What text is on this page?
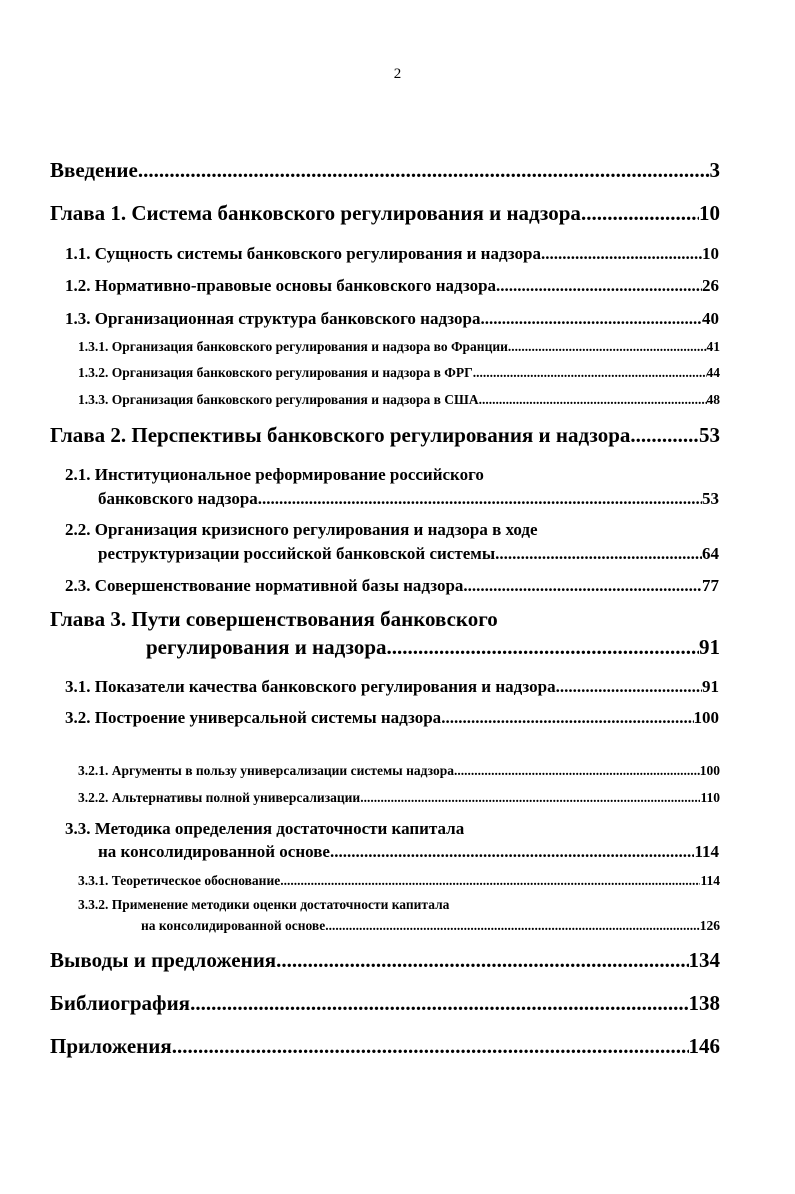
2
Введение .....	3
Глава 1. Система банковского регулирования и надзора .....	10
1.1. Сущность системы банковского регулирования и надзора .....	10
1.2. Нормативно-правовые основы банковского надзора .....	26
1.3. Организационная структура банковского надзора .....	40
1.3.1. Организация банковского регулирования и надзора во Франции .....	41
1.3.2. Организация банковского регулирования и надзора в ФРГ .....	44
1.3.3. Организация банковского регулирования и надзора в США .....	48
Глава 2. Перспективы банковского регулирования и надзора .....	53
2.1. Институциональное реформирование российского
банковского надзора .....	53
2.2. Организация кризисного регулирования и надзора в ходе
реструктуризации российской банковской системы .....	64
2.3. Совершенствование нормативной базы надзора .....	77
Глава 3. Пути совершенствования банковского
регулирования и надзора .....	91
3.1. Показатели качества банковского регулирования и надзора .....	91
3.2. Построение универсальной системы надзора .....	100
3.2.1. Аргументы в пользу универсализации системы надзора .....	100
3.2.2. Альтернативы полной универсализации .....	110
3.3. Методика определения достаточности капитала
на консолидированной основе .....	114
3.3.1. Теоретическое обоснование .....	114
3.3.2. Применение методики оценки достаточности капитала
на консолидированной основе .....	126
Выводы и предложения .....	134
Библиография .....	138
Приложения .....	146
